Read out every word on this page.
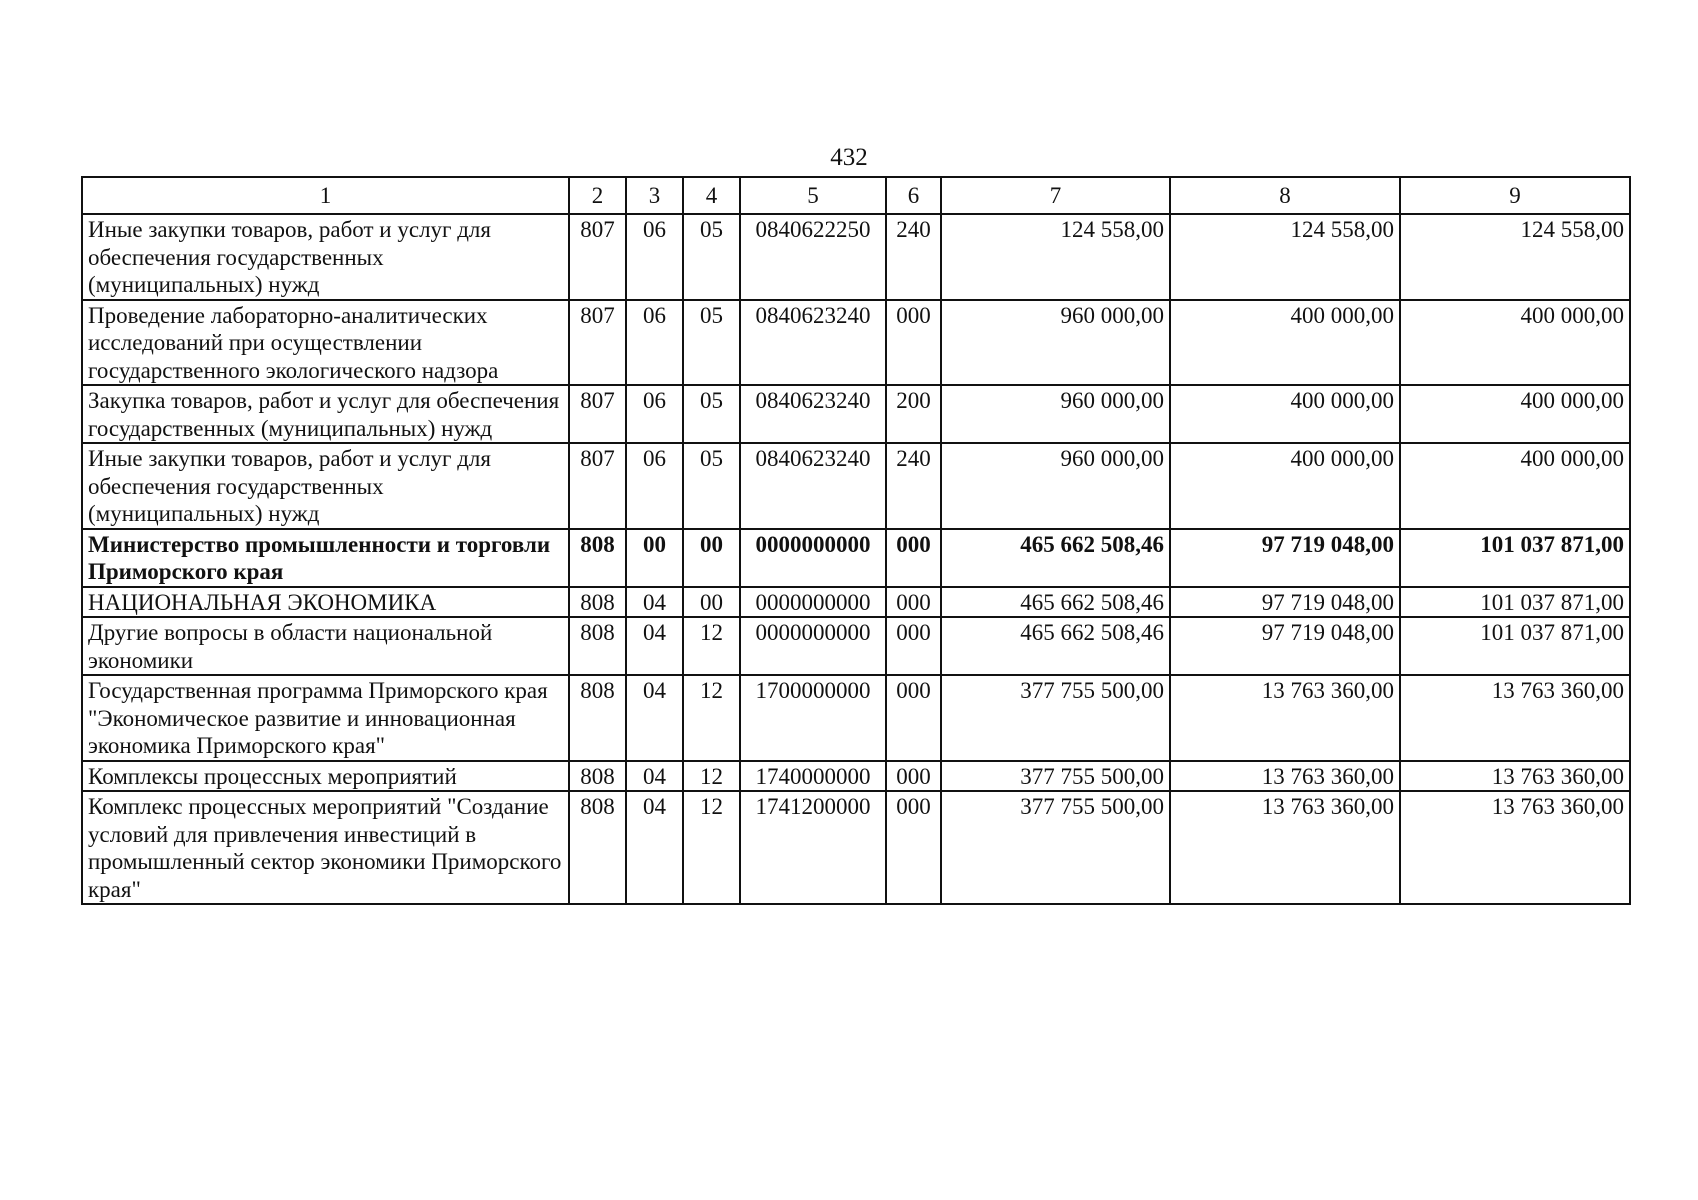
432
1	2	3	4	5	6	7	8	9
Иные закупки товаров, работ и услуг для обеспечения государственных (муниципальных) нужд	807	06	05	0840622250	240	124 558,00	124 558,00	124 558,00
Проведение лабораторно-аналитических исследований при осуществлении государственного экологического надзора	807	06	05	0840623240	000	960 000,00	400 000,00	400 000,00
Закупка товаров, работ и услуг для обеспечения государственных (муниципальных) нужд	807	06	05	0840623240	200	960 000,00	400 000,00	400 000,00
Иные закупки товаров, работ и услуг для обеспечения государственных (муниципальных) нужд	807	06	05	0840623240	240	960 000,00	400 000,00	400 000,00
Министерство промышленности и торговли Приморского края	808	00	00	0000000000	000	465 662 508,46	97 719 048,00	101 037 871,00
НАЦИОНАЛЬНАЯ ЭКОНОМИКА	808	04	00	0000000000	000	465 662 508,46	97 719 048,00	101 037 871,00
Другие вопросы в области национальной экономики	808	04	12	0000000000	000	465 662 508,46	97 719 048,00	101 037 871,00
Государственная программа Приморского края "Экономическое развитие и инновационная экономика Приморского края"	808	04	12	1700000000	000	377 755 500,00	13 763 360,00	13 763 360,00
Комплексы процессных мероприятий	808	04	12	1740000000	000	377 755 500,00	13 763 360,00	13 763 360,00
Комплекс процессных мероприятий "Создание условий для привлечения инвестиций в промышленный сектор экономики Приморского края"	808	04	12	1741200000	000	377 755 500,00	13 763 360,00	13 763 360,00
